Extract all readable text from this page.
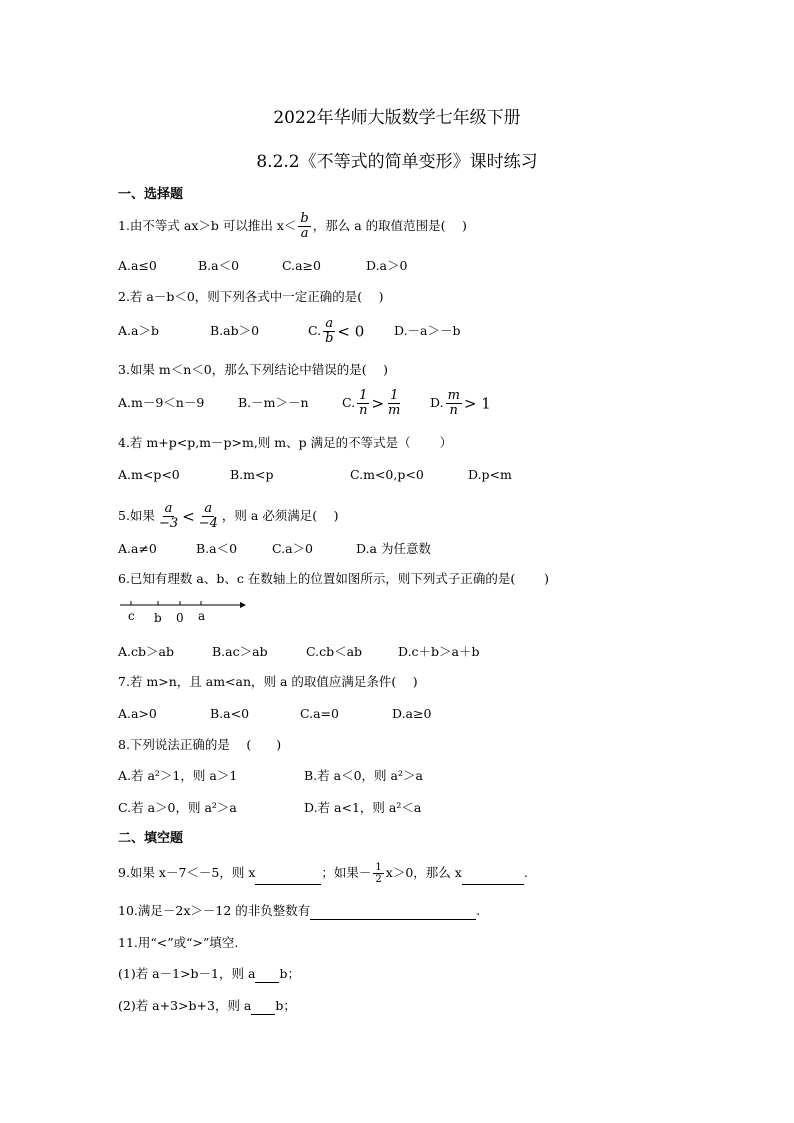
2022年华师大版数学七年级下册
8.2.2《不等式的简单变形》课时练习
一、选择题
1.由不等式 ax＞b 可以推出 $x< \frac{b}{a}$ ，那么 a 的取值范围是(　 )
A.a≤0	B.a＜0	C.a≥0	D.a＞0
2.若 a－b＜0，则下列各式中一定正确的是(　 )
A.a＞b	B.ab＞0	C. $\frac{a}{b} < 0$ D.－a＞－b
3.如果 m＜n＜0，那么下列结论中错误的是(　 )
A.m－9＜n－9	B.－m＞－n	C. $\frac{1}{n} > \frac{1}{m} D$. $\frac{m}{n} > 1$
4.若 m+p<p,m－p>m,则 m、p 满足的不等式是（　　 ）
A.m<p<0	B.m<p	C.m<0,p<0	D.p<m
5.如果 $\frac{a}{-3} < \frac{a}{-4}$ ，则 a 必须满足(　 )
A.a≠0	B.a＜0	C.a＞0	D.a 为任意数
6.已知有理数 a、b、c 在数轴上的位置如图所示，则下列式子正确的是(　　 )
c b 0 a
A.cb＞ab	B.ac＞ab	C.cb＜ab	D.c＋b＞a＋b
7.若 m>n，且 am<an，则 a 的取值应满足条件(　 )
A.a>0	B.a<0	C.a=0	D.a≥0
8.下列说法正确的是　 (　　)
A.若 a²＞1，则 a＞1	B.若 a＜0，则 a²＞a
C.若 a＞0，则 a²＞a	D.若 a<1，则 a²＜a
二、填空题
9.如果 x－7＜－5，则 x	；如果－ $\frac{1}{2} x>0$，那么 x	.
10.满足－2x＞－12 的非负整数有	.
11.用“<”或“>”填空.
(1)若 a－1>b－1，则 a b；
(2)若 a+3>b+3，则 a b；
